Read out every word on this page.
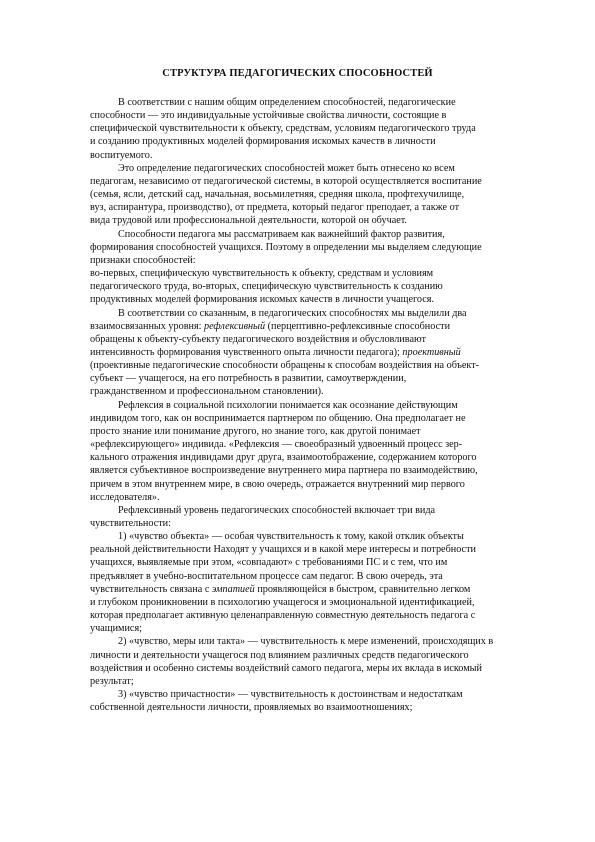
СТРУКТУРА ПЕДАГОГИЧЕСКИХ СПОСОБНОСТЕЙ

В соответствии с нашим общим определением способностей, педагогические
способности — это индивидуальные устойчивые свойства личности, состоящие в
специфической чувствительности к объекту, средствам, условиям педагогического труда
и созданию продуктивных моделей формирования искомых качеств в личности
воспитуемого.

Это определение педагогических способностей может быть отнесено ко всем
педагогам, независимо от педагогической системы, в которой осуществляется воспитание
(семья, ясли, детский сад, начальная, восьмилетняя, средняя школа, профтехучилище,
вуз, аспирантура, производство), от предмета, который педагог преподает, а также от
вида трудовой или профессиональной деятельности, которой он обучает.

Способности педагога мы рассматриваем как важнейший фактор развития,
формирования способностей учащихся. Поэтому в определении мы выделяем следующие
признаки способностей:

во-первых, специфическую чувствительность к объекту, средствам и условиям
педагогического труда, во-вторых, специфическую чувствительность к созданию
продуктивных моделей формирования искомых качеств в личности учащегося.

В соответствии со сказанным, в педагогических способностях мы выделили два
взаимосвязанных уровня: рефлексивный (перцептивно-рефлексивные способности
обращены к объекту-субъекту педагогического воздействия и обусловливают
интенсивность формирования чувственного опыта личности педагога); проективный
(проективные педагогические способности обращены к способам воздействия на объект-
субъект — учащегося, на его потребность в развитии, самоутверждении,
гражданственном и профессиональном становлении).

Рефлексия в социальной психологии понимается как осознание действующим
индивидом того, как он воспринимается партнером по общению. Она предполагает не
просто знание или понимание другого, но знание того, как другой понимает
«рефлексирующего» индивида. «Рефлексия — своеобразный удвоенный процесс зер-
кального отражения индивидами друг друга, взаимоотображение, содержанием которого
является субъективное воспроизведение внутреннего мира партнера по взаимодействию,
причем в этом внутреннем мире, в свою очередь, отражается внутренний мир первого
исследователя».

Рефлексивный уровень педагогических способностей включает три вида
чувствительности:

1) «чувство объекта» — особая чувствительность к тому, какой отклик объекты
реальной действительности Находят у учащихся и в какой мере интересы и потребности
учащихся, выявляемые при этом, «совпадают» с требованиями ПС и с тем, что им
предъявляет в учебно-воспитательном процессе сам педагог. В свою очередь, эта
чувствительность связана с эмпатией проявляющейся в быстром, сравнительно легком
и глубоком проникновении в психологию учащегося и эмоциональной идентификацией,
которая предполагает активную целенаправленную совместную деятельность педагога с
учащимися;

2) «чувство, меры или такта» — чувствительность к мере изменений, происходящих в
личности и деятельности учащегося под влиянием различных средств педагогического
воздействия и особенно системы воздействий самого педагога, меры их вклада в искомый
результат;

3) «чувство причастности» — чувствительность к достоинствам и недостаткам
собственной деятельности личности, проявляемых во взаимоотношениях;
